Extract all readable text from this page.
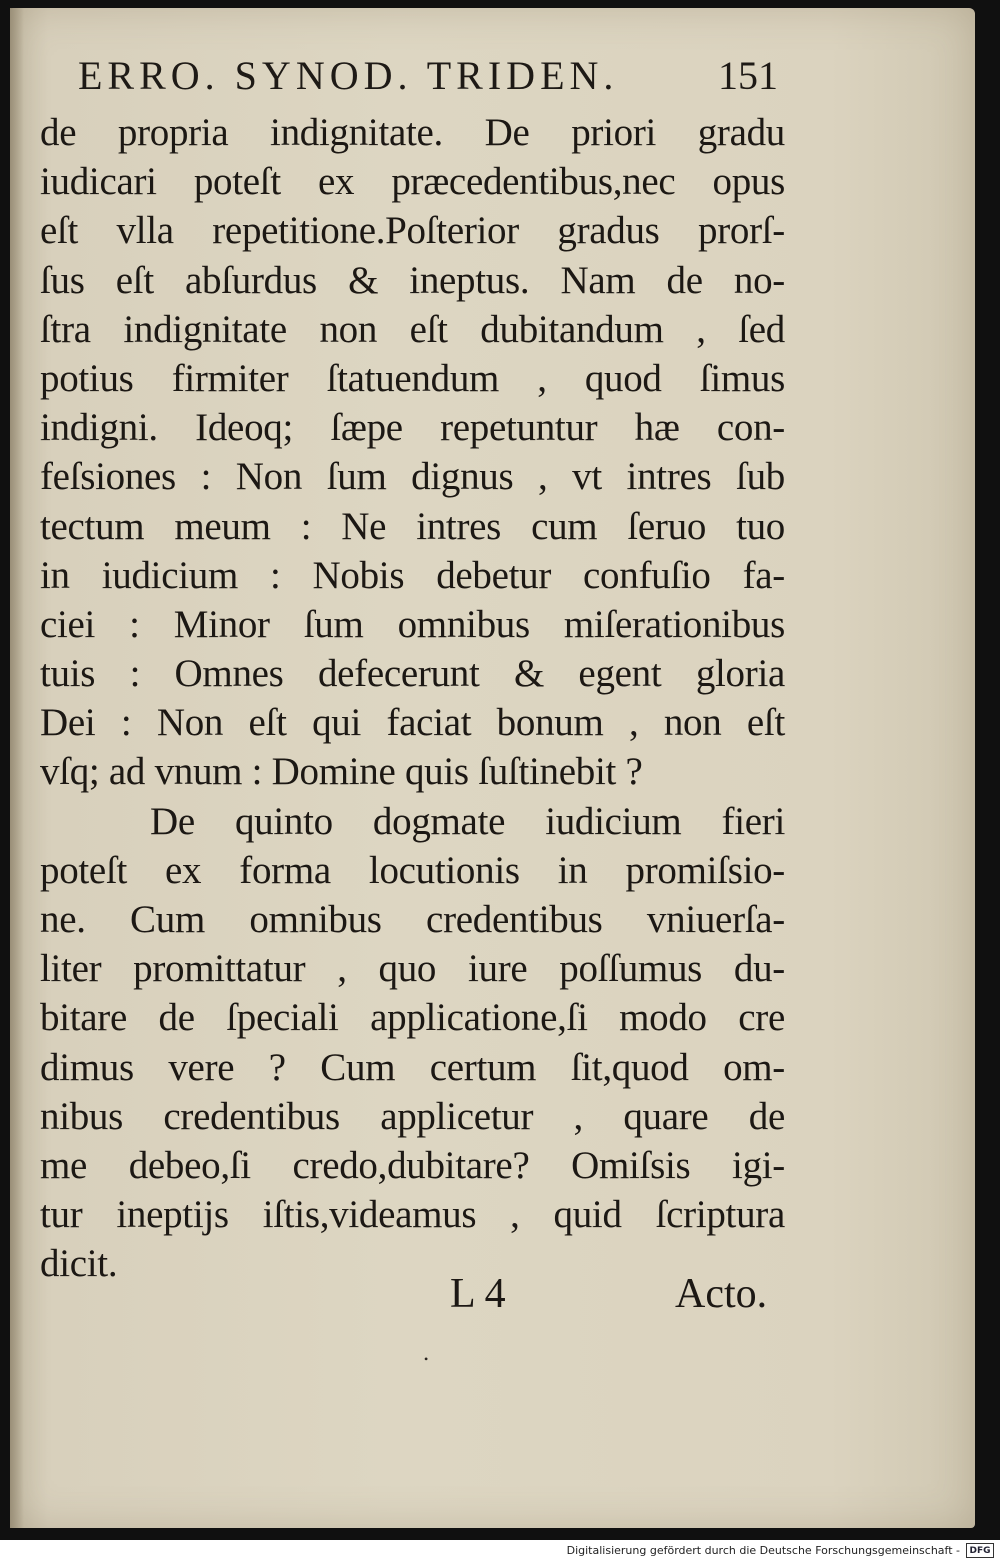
ERRO. SYNOD. TRIDEN. 151
de propria indignitate. De priori gradu
iudicari poteſt ex præcedentibus,nec opus
eſt vlla repetitione.Poſterior gradus prorſ-
ſus eſt abſurdus & ineptus. Nam de no-
ſtra indignitate non eſt dubitandum , ſed
potius firmiter ſtatuendum , quod ſimus
indigni. Ideoq; ſæpe repetuntur hæ con-
feſsiones : Non ſum dignus , vt intres ſub
tectum meum : Ne intres cum ſeruo tuo
in iudicium : Nobis debetur confuſio fa-
ciei : Minor ſum omnibus miſerationibus
tuis : Omnes defecerunt & egent gloria
Dei : Non eſt qui faciat bonum , non eſt
vſq; ad vnum : Domine quis ſuſtinebit ?
De quinto dogmate iudicium fieri
poteſt ex forma locutionis in promiſsio-
ne. Cum omnibus credentibus vniuerſa-
liter promittatur , quo iure poſſumus du-
bitare de ſpeciali applicatione,ſi modo cre
dimus vere ? Cum certum ſit,quod om-
nibus credentibus applicetur , quare de
me debeo,ſi credo,dubitare? Omiſsis igi-
tur ineptijs iſtis,videamus , quid ſcriptura
dicit.
L 4	Acto.
•
Digitalisierung gefördert durch die Deutsche Forschungsgemeinschaft -	DFG
